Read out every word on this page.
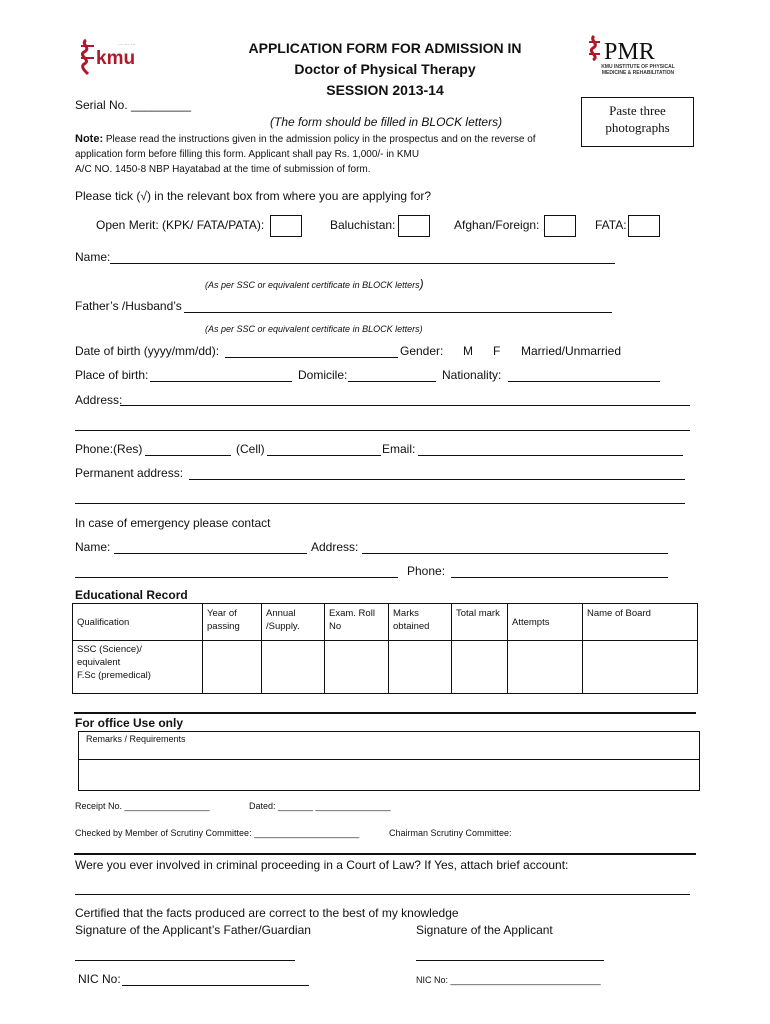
kmu
⋯ ⋯ ⋯	PMR
KMU INSTITUTE OF PHYSICAL MEDICINE & REHABILITATION
APPLICATION FORM FOR ADMISSION IN
Doctor of Physical Therapy
SESSION 2013-14
Paste three
photographs
Serial No. _________
(The form should be filled in BLOCK letters)
Note: Please read the instructions given in the admission policy in the prospectus and on the reverse of
application form before filling this form. Applicant shall pay Rs. 1,000/- in KMU
A/C NO. 1450-8 NBP Hayatabad at the time of submission of form.
Please tick (√) in the relevant box from where you are applying for?
Open Merit: (KPK/ FATA/PATA):	Baluchistan:	Afghan/Foreign:	FATA:
Name:
(As per SSC or equivalent certificate in BLOCK letters)
Father’s /Husband’s
(As per SSC or equivalent certificate in BLOCK letters)
Date of birth (yyyy/mm/dd):	Gender: M F Married/Unmarried
Place of birth:	Domicile:	Nationality:
Address:
Phone:(Res)	(Cell)	Email:
Permanent address:
In case of emergency please contact
Name:	Address:
Phone:
Educational Record
Qualification	Year of passing	Annual /Supply.	Exam. Roll No	Marks obtained	Total mark	Attempts	Name of Board

SSC (Science)/ equivalent
F.Sc (premedical)							

For office Use only
Remarks / Requirements
Receipt No. _________________	Dated: _______ _______________
Checked by Member of Scrutiny Committee: _____________________	Chairman Scrutiny Committee:
Were you ever involved in criminal proceeding in a Court of Law? If Yes, attach brief account:
Certified that the facts produced are correct to the best of my knowledge
Signature of the Applicant’s Father/Guardian	Signature of the Applicant
NIC No:	NIC No: ______________________________
